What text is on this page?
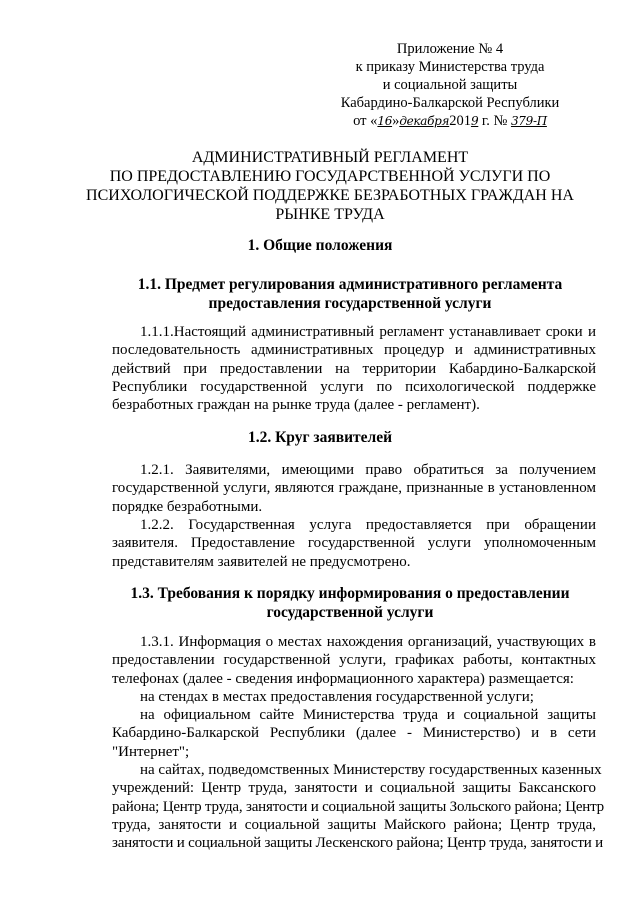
Приложение № 4
к приказу Министерства труда
и социальной защиты
Кабардино-Балкарской Республики
от «16»декабря2019 г. № 379-П
АДМИНИСТРАТИВНЫЙ РЕГЛАМЕНТ
ПО ПРЕДОСТАВЛЕНИЮ ГОСУДАРСТВЕННОЙ УСЛУГИ ПО
ПСИХОЛОГИЧЕСКОЙ ПОДДЕРЖКЕ БЕЗРАБОТНЫХ ГРАЖДАН НА
РЫНКЕ ТРУДА
1. Общие положения
1.1. Предмет регулирования административного регламента
предоставления государственной услуги

1.1.1.Настоящий административный регламент устанавливает сроки и
последовательность административных процедур и административных
действий при предоставлении на территории Кабардино-Балкарской
Республики государственной услуги по психологической поддержке
безработных граждан на рынке труда (далее - регламент).

1.2. Круг заявителей

1.2.1. Заявителями, имеющими право обратиться за получением
государственной услуги, являются граждане, признанные в установленном
порядке безработными.

1.2.2. Государственная услуга предоставляется при обращении
заявителя. Предоставление государственной услуги уполномоченным
представителям заявителей не предусмотрено.

1.3. Требования к порядку информирования о предоставлении
государственной услуги

1.3.1. Информация о местах нахождения организаций, участвующих в
предоставлении государственной услуги, графиках работы, контактных
телефонах (далее - сведения информационного характера) размещается:

на стендах в местах предоставления государственной услуги;

на официальном сайте Министерства труда и социальной защиты
Кабардино-Балкарской Республики (далее - Министерство) и в сети
"Интернет";

на сайтах, подведомственных Министерству государственных казенных
учреждений: Центр труда, занятости и социальной защиты Баксанского
района; Центр труда, занятости и социальной защиты Зольского района; Центр
труда, занятости и социальной защиты Майского района; Центр труда,
занятости и социальной защиты Лескенского района; Центр труда, занятости и
